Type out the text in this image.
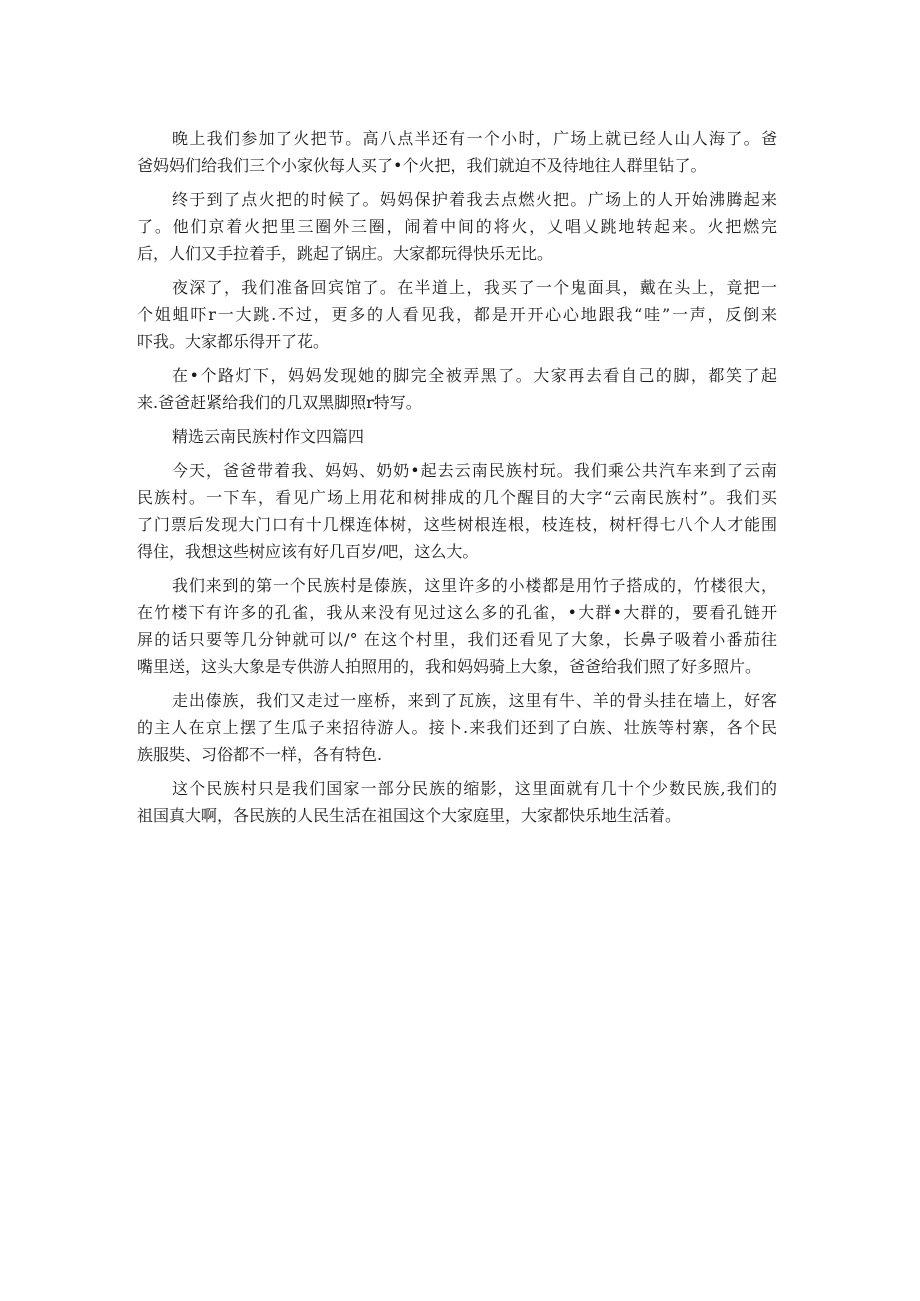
晚上我们参加了火把节。高八点半还有一个小时，广场上就已经人山人海了。爸
爸妈妈们给我们三个小家伙每人买了•个火把，我们就迫不及待地往人群里钻了。
终于到了点火把的时候了。妈妈保护着我去点燃火把。广场上的人开始沸腾起来
了。他们京着火把里三圈外三圈，闹着中间的将火，乂唱乂跳地转起来。火把燃完
后，人们又手拉着手，跳起了锅庄。大家都玩得快乐无比。
夜深了，我们准备回宾馆了。在半道上，我买了一个鬼面具，戴在头上，竟把一
个姐蛆吓r一大跳.不过，更多的人看见我，都是开开心心地跟我“哇”一声，反倒来
吓我。大家都乐得开了花。
在•个路灯下，妈妈发现她的脚完全被弄黑了。大家再去看自己的脚，都笑了起
来.爸爸赶紧给我们的几双黑脚照r特写。
精选云南民族村作文四篇四
今天，爸爸带着我、妈妈、奶奶•起去云南民族村玩。我们乘公共汽车来到了云南
民族村。一下车，看见广场上用花和树排成的几个醒目的大字“云南民族村”。我们买
了门票后发现大门口有十几棵连体树，这些树根连根，枝连枝，树杆得七八个人才能围
得住，我想这些树应该有好几百岁/吧，这么大。
我们来到的第一个民族村是傣族，这里许多的小楼都是用竹子搭成的，竹楼很大，
在竹楼下有许多的孔雀，我从来没有见过这么多的孔雀，•大群•大群的，要看孔链开
屏的话只要等几分钟就可以/° 在这个村里，我们还看见了大象，长鼻子吸着小番茄往
嘴里送，这头大象是专供游人拍照用的，我和妈妈骑上大象，爸爸给我们照了好多照片。
走出傣族，我们又走过一座桥，来到了瓦族，这里有牛、羊的骨头挂在墙上，好客
的主人在京上摆了生瓜子来招待游人。接卜.来我们还到了白族、壮族等村寨，各个民
族服奘、习俗都不一样，各有特色.
这个民族村只是我们国家一部分民族的缩影，这里面就有几十个少数民族,我们的
祖国真大啊，各民族的人民生活在祖国这个大家庭里，大家都快乐地生活着。
